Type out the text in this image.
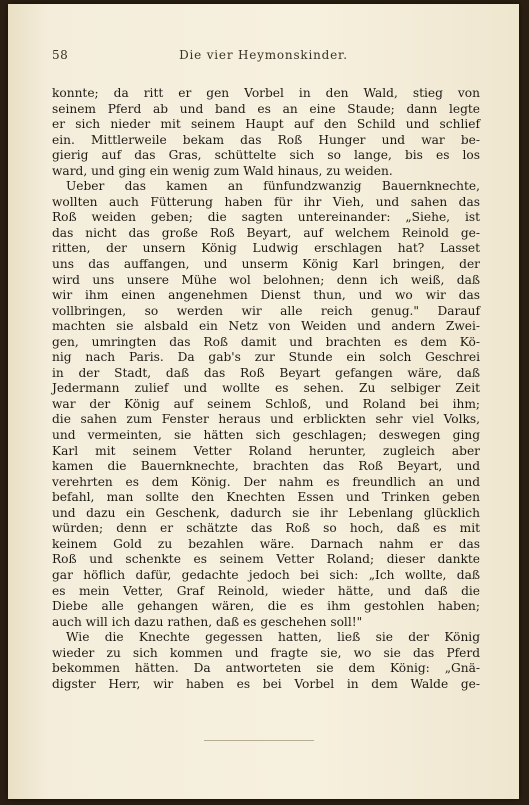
58	Die vier Heymonskinder.
konnte; da ritt er gen Vorbel in den Wald, stieg von
seinem Pferd ab und band es an eine Staude; dann legte
er sich nieder mit seinem Haupt auf den Schild und schlief
ein. Mittlerweile bekam das Roß Hunger und war be-
gierig auf das Gras, schüttelte sich so lange, bis es los
ward, und ging ein wenig zum Wald hinaus, zu weiden.
Ueber das kamen an fünfundzwanzig Bauernknechte,
wollten auch Fütterung haben für ihr Vieh, und sahen das
Roß weiden geben; die sagten untereinander: „Siehe, ist
das nicht das große Roß Beyart, auf welchem Reinold ge-
ritten, der unsern König Ludwig erschlagen hat? Lasset
uns das auffangen, und unserm König Karl bringen, der
wird uns unsere Mühe wol belohnen; denn ich weiß, daß
wir ihm einen angenehmen Dienst thun, und wo wir das
vollbringen, so werden wir alle reich genug." Darauf
machten sie alsbald ein Netz von Weiden und andern Zwei-
gen, umringten das Roß damit und brachten es dem Kö-
nig nach Paris. Da gab's zur Stunde ein solch Geschrei
in der Stadt, daß das Roß Beyart gefangen wäre, daß
Jedermann zulief und wollte es sehen. Zu selbiger Zeit
war der König auf seinem Schloß, und Roland bei ihm;
die sahen zum Fenster heraus und erblickten sehr viel Volks,
und vermeinten, sie hätten sich geschlagen; deswegen ging
Karl mit seinem Vetter Roland herunter, zugleich aber
kamen die Bauernknechte, brachten das Roß Beyart, und
verehrten es dem König. Der nahm es freundlich an und
befahl, man sollte den Knechten Essen und Trinken geben
und dazu ein Geschenk, dadurch sie ihr Lebenlang glücklich
würden; denn er schätzte das Roß so hoch, daß es mit
keinem Gold zu bezahlen wäre. Darnach nahm er das
Roß und schenkte es seinem Vetter Roland; dieser dankte
gar höflich dafür, gedachte jedoch bei sich: „Ich wollte, daß
es mein Vetter, Graf Reinold, wieder hätte, und daß die
Diebe alle gehangen wären, die es ihm gestohlen haben;
auch will ich dazu rathen, daß es geschehen soll!"
Wie die Knechte gegessen hatten, ließ sie der König
wieder zu sich kommen und fragte sie, wo sie das Pferd
bekommen hätten. Da antworteten sie dem König: „Gnä-
digster Herr, wir haben es bei Vorbel in dem Walde ge-
